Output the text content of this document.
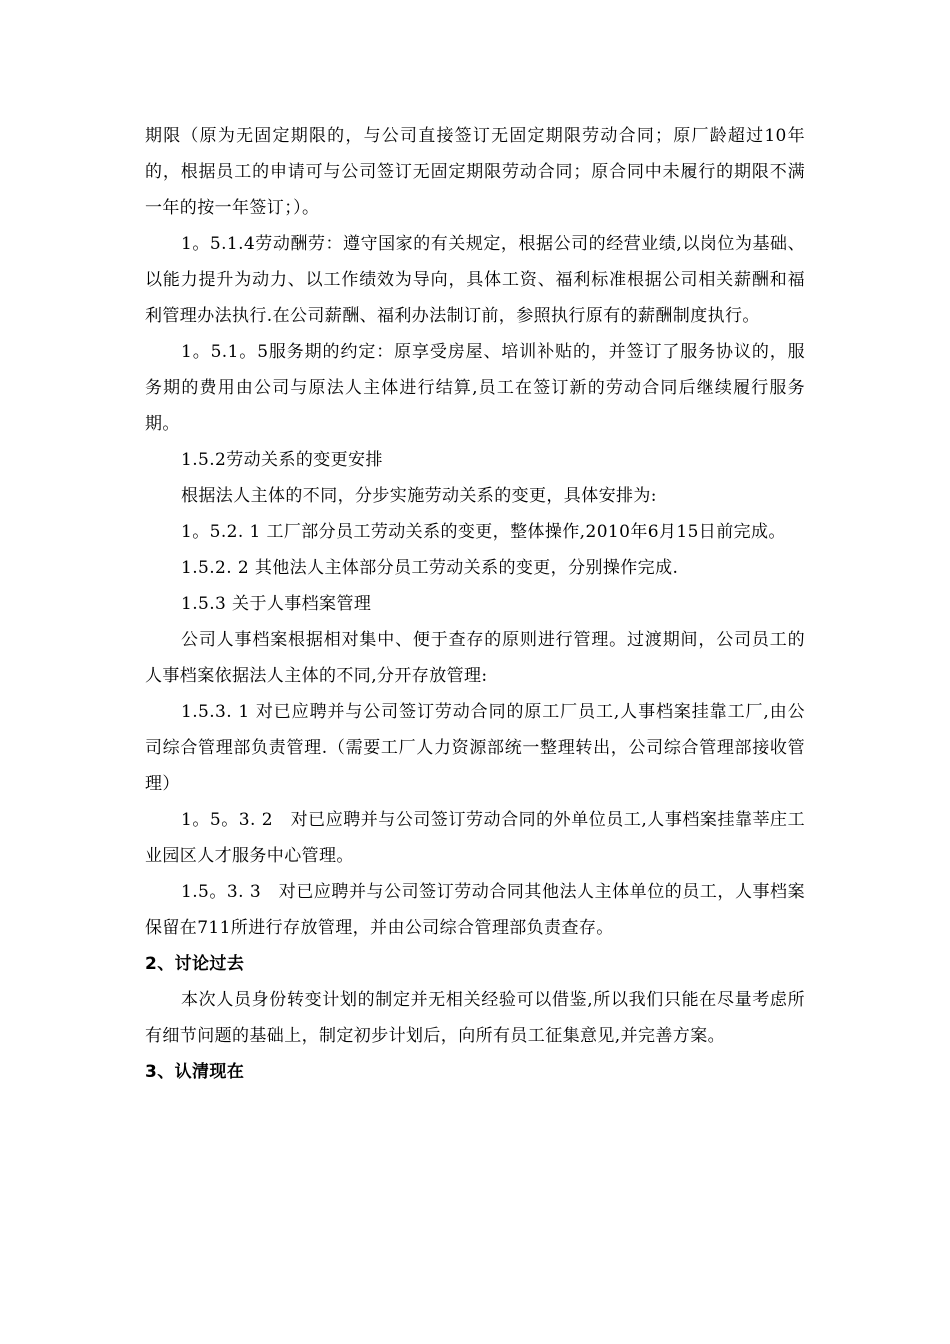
期限（原为无固定期限的，与公司直接签订无固定期限劳动合同；原厂龄超过10年的，根据员工的申请可与公司签订无固定期限劳动合同；原合同中未履行的期限不满一年的按一年签订；）。

1。5.1.4劳动酬劳：遵守国家的有关规定，根据公司的经营业绩,以岗位为基础、以能力提升为动力、以工作绩效为导向，具体工资、福利标准根据公司相关薪酬和福利管理办法执行.在公司薪酬、福利办法制订前，参照执行原有的薪酬制度执行。

1。5.1。5服务期的约定：原享受房屋、培训补贴的，并签订了服务协议的，服务期的费用由公司与原法人主体进行结算,员工在签订新的劳动合同后继续履行服务期。

1.5.2劳动关系的变更安排

根据法人主体的不同，分步实施劳动关系的变更，具体安排为:

1。5.2. 1 工厂部分员工劳动关系的变更，整体操作,2010年6月15日前完成。

1.5.2. 2 其他法人主体部分员工劳动关系的变更，分别操作完成.

1.5.3 关于人事档案管理

公司人事档案根据相对集中、便于查存的原则进行管理。过渡期间，公司员工的人事档案依据法人主体的不同,分开存放管理:

1.5.3. 1 对已应聘并与公司签订劳动合同的原工厂员工,人事档案挂靠工厂,由公司综合管理部负责管理.（需要工厂人力资源部统一整理转出，公司综合管理部接收管理）

1。5。3. 2　对已应聘并与公司签订劳动合同的外单位员工,人事档案挂靠莘庄工业园区人才服务中心管理。

1.5。3. 3　对已应聘并与公司签订劳动合同其他法人主体单位的员工，人事档案保留在711所进行存放管理，并由公司综合管理部负责查存。

2、讨论过去

本次人员身份转变计划的制定并无相关经验可以借鉴,所以我们只能在尽量考虑所有细节问题的基础上，制定初步计划后，向所有员工征集意见,并完善方案。

3、认清现在
